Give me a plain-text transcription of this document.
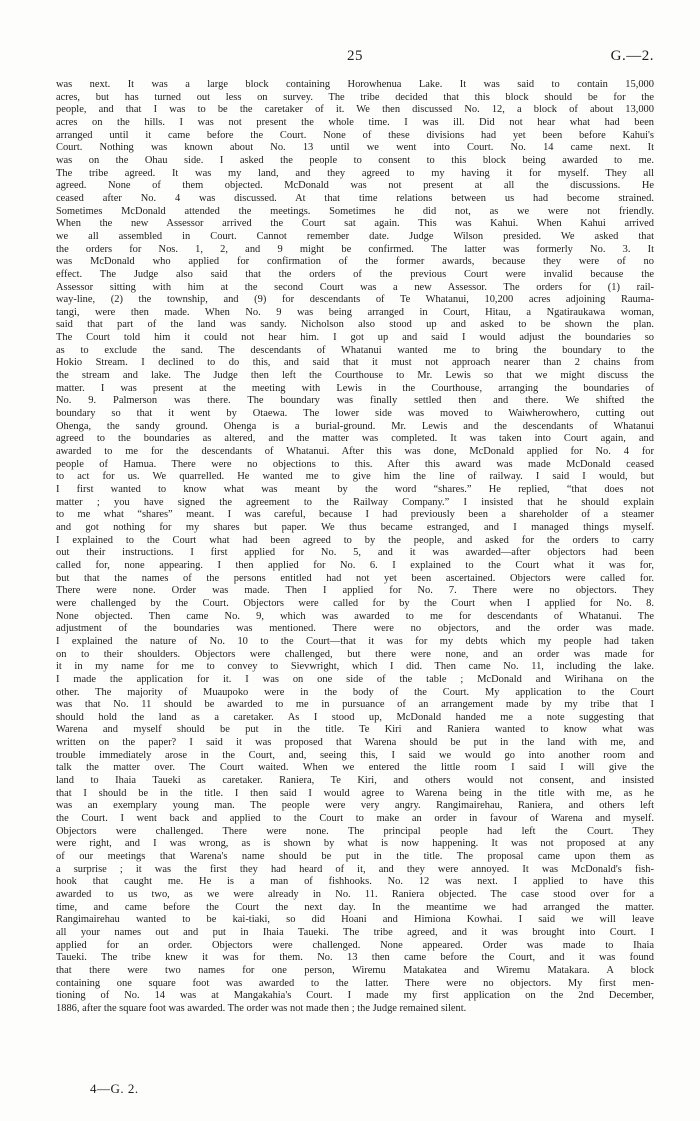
25	G.—2.
was next. It was a large block containing Horowhenua Lake. It was said to contain 15,000
acres, but has turned out less on survey. The tribe decided that this block should be for the
people, and that I was to be the caretaker of it. We then discussed No. 12, a block of about 13,000
acres on the hills. I was not present the whole time. I was ill. Did not hear what had been
arranged until it came before the Court. None of these divisions had yet been before Kahui's
Court. Nothing was known about No. 13 until we went into Court. No. 14 came next. It
was on the Ohau side. I asked the people to consent to this block being awarded to me.
The tribe agreed. It was my land, and they agreed to my having it for myself. They all
agreed. None of them objected. McDonald was not present at all the discussions. He
ceased after No. 4 was discussed. At that time relations between us had become strained.
Sometimes McDonald attended the meetings. Sometimes he did not, as we were not friendly.
When the new Assessor arrived the Court sat again. This was Kahui. When Kahui arrived
we all assembled in Court. Cannot remember date. Judge Wilson presided. We asked that
the orders for Nos. 1, 2, and 9 might be confirmed. The latter was formerly No. 3. It
was McDonald who applied for confirmation of the former awards, because they were of no
effect. The Judge also said that the orders of the previous Court were invalid because the
Assessor sitting with him at the second Court was a new Assessor. The orders for (1) rail-
way-line, (2) the township, and (9) for descendants of Te Whatanui, 10,200 acres adjoining Raumа-
tangi, were then made. When No. 9 was being arranged in Court, Hitau, a Ngatiraukawa woman,
said that part of the land was sandy. Nicholson also stood up and asked to be shown the plan.
The Court told him it could not hear him. I got up and said I would adjust the boundaries so
as to exclude the sand. The descendants of Whatanui wanted me to bring the boundary to the
Hokio Stream. I declined to do this, and said that it must not approach nearer than 2 chains from
the stream and lake. The Judge then left the Courthouse to Mr. Lewis so that we might discuss the
matter. I was present at the meeting with Lewis in the Courthouse, arranging the boundaries of
No. 9. Palmerson was there. The boundary was finally settled then and there. We shifted the
boundary so that it went by Otaewa. The lower side was moved to Waiwherowhero, cutting out
Ohenga, the sandy ground. Ohenga is a burial-ground. Mr. Lewis and the descendants of Whatanui
agreed to the boundaries as altered, and the matter was completed. It was taken into Court again, and
awarded to me for the descendants of Whatanui. After this was done, McDonald applied for No. 4 for
people of Hamua. There were no objections to this. After this award was made McDonald ceased
to act for us. We quarrelled. He wanted me to give him the line of railway. I said I would, but
I first wanted to know what was meant by the word “shares.” He replied, “that does not
matter ; you have signed the agreement to the Railway Company.” I insisted that he should explain
to me what “shares” meant. I was careful, because I had previously been a shareholder of a steamer
and got nothing for my shares but paper. We thus became estranged, and I managed things myself.
I explained to the Court what had been agreed to by the people, and asked for the orders to carry
out their instructions. I first applied for No. 5, and it was awarded—after objectors had been
called for, none appearing. I then applied for No. 6. I explained to the Court what it was for,
but that the names of the persons entitled had not yet been ascertained. Objectors were called for.
There were none. Order was made. Then I applied for No. 7. There were no objectors. They
were challenged by the Court. Objectors were called for by the Court when I applied for No. 8.
None objected. Then came No. 9, which was awarded to me for descendants of Whatanui. The
adjustment of the boundaries was mentioned. There were no objectors, and the order was made.
I explained the nature of No. 10 to the Court—that it was for my debts which my people had taken
on to their shoulders. Objectors were challenged, but there were none, and an order was made for
it in my name for me to convey to Sievwright, which I did. Then came No. 11, including the lake.
I made the application for it. I was on one side of the table ; McDonald and Wirihana on the
other. The majority of Muaupoko were in the body of the Court. My application to the Court
was that No. 11 should be awarded to me in pursuance of an arrangement made by my tribe that I
should hold the land as a caretaker. As I stood up, McDonald handed me a note suggesting that
Warena and myself should be put in the title. Te Kiri and Raniera wanted to know what was
written on the paper? I said it was proposed that Warena should be put in the land with me, and
trouble immediately arose in the Court, and, seeing this, I said we would go into another room and
talk the matter over. The Court waited. When we entered the little room I said I will give the
land to Ihaia Taueki as caretaker. Raniera, Te Kiri, and others would not consent, and insisted
that I should be in the title. I then said I would agree to Warena being in the title with me, as he
was an exemplary young man. The people were very angry. Rangimairehau, Raniera, and others left
the Court. I went back and applied to the Court to make an order in favour of Warena and myself.
Objectors were challenged. There were none. The principal people had left the Court. They
were right, and I was wrong, as is shown by what is now happening. It was not proposed at any
of our meetings that Warena's name should be put in the title. The proposal came upon them as
a surprise ; it was the first they had heard of it, and they were annoyed. It was McDonald's fish-
hook that caught me. He is a man of fishhooks. No. 12 was next. I applied to have this
awarded to us two, as we were already in No. 11. Raniera objected. The case stood over for a
time, and came before the Court the next day. In the meantime we had arranged the matter.
Rangimairehau wanted to be kai-tiaki, so did Hoani and Himiona Kowhai. I said we will leave
all your names out and put in Ihaia Taueki. The tribe agreed, and it was brought into Court. I
applied for an order. Objectors were challenged. None appeared. Order was made to Ihaia
Taueki. The tribe knew it was for them. No. 13 then came before the Court, and it was found
that there were two names for one person, Wiremu Matakatea and Wiremu Matakara. A block
containing one square foot was awarded to the latter. There were no objectors. My first men-
tioning of No. 14 was at Mangakahia's Court. I made my first application on the 2nd December,
1886, after the square foot was awarded. The order was not made then ; the Judge remained silent.
4—G. 2.
